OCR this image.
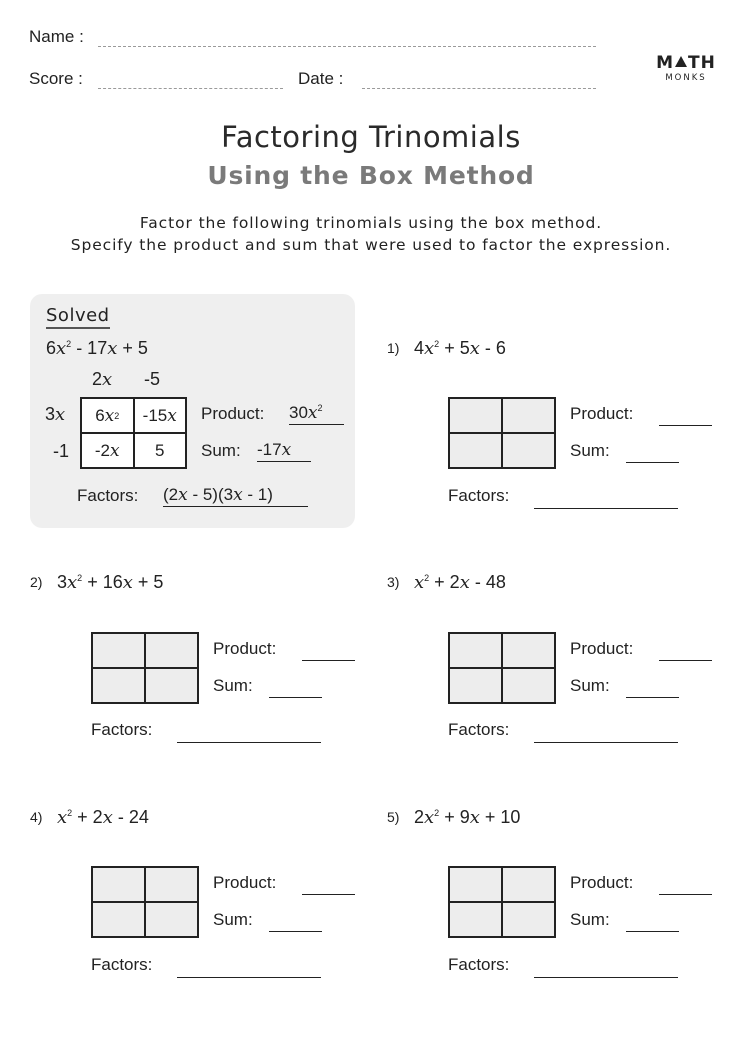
Name :
Score :	Date :
M TH
MONKS
Factoring Trinomials
Using the Box Method
Factor the following trinomials using the box method.
Specify the product and sum that were used to factor the expression.
Solved
$6x^2 - 17x + 5$
2x -5
3x
-1
6 x 2	-15 x
-2 x	5
Product: $30x^2$
Sum: -17x
Factors: (2x - 5)(3x - 1)
1) $4x^2 + 5x - 6$
Product:
Sum:
Factors:
2) $3x^2 + 16x + 5$
Product:
Sum:
Factors:
3) $x^2 + 2x - 48$
Product:
Sum:
Factors:
4) $x^2 + 2x - 24$
Product:
Sum:
Factors:
5) $2x^2 + 9x + 10$
Product:
Sum:
Factors:
